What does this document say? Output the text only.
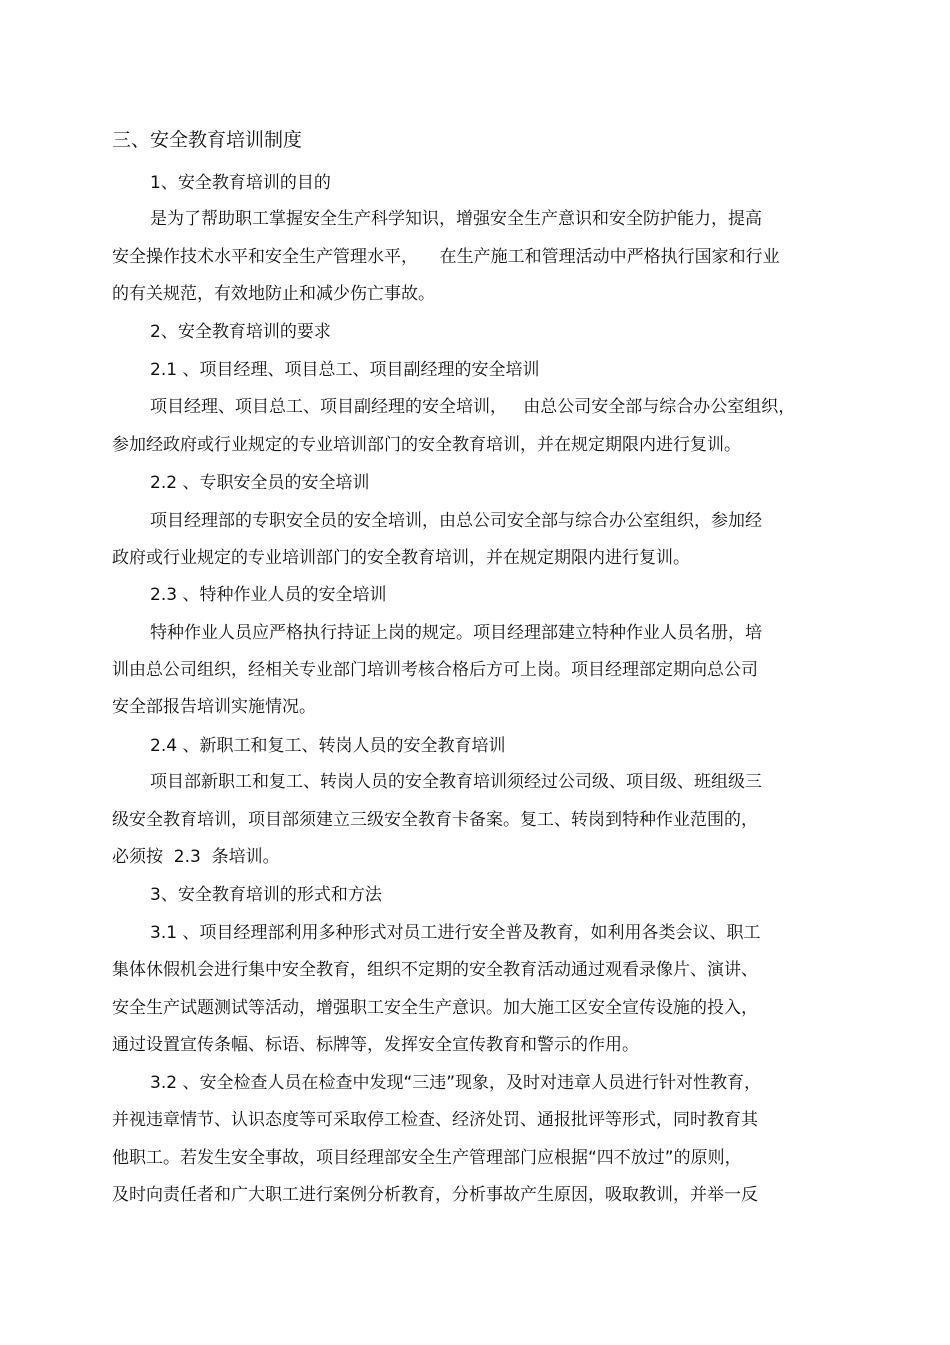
三、安全教育培训制度
1、安全教育培训的目的
是为了帮助职工掌握安全生产科学知识，增强安全生产意识和安全防护能力，提高
安全操作技术水平和安全生产管理水平，    在生产施工和管理活动中严格执行国家和行业
的有关规范，有效地防止和减少伤亡事故。
2、安全教育培训的要求
2.1 、项目经理、项目总工、项目副经理的安全培训
项目经理、项目总工、项目副经理的安全培训，   由总公司安全部与综合办公室组织，
参加经政府或行业规定的专业培训部门的安全教育培训，并在规定期限内进行复训。
2.2 、专职安全员的安全培训
项目经理部的专职安全员的安全培训，由总公司安全部与综合办公室组织，参加经
政府或行业规定的专业培训部门的安全教育培训，并在规定期限内进行复训。
2.3 、特种作业人员的安全培训
特种作业人员应严格执行持证上岗的规定。项目经理部建立特种作业人员名册，培
训由总公司组织，经相关专业部门培训考核合格后方可上岗。项目经理部定期向总公司
安全部报告培训实施情况。
2.4 、新职工和复工、转岗人员的安全教育培训
项目部新职工和复工、转岗人员的安全教育培训须经过公司级、项目级、班组级三
级安全教育培训，项目部须建立三级安全教育卡备案。复工、转岗到特种作业范围的，
必须按  2.3  条培训。
3、安全教育培训的形式和方法
3.1 、项目经理部利用多种形式对员工进行安全普及教育，如利用各类会议、职工
集体休假机会进行集中安全教育，组织不定期的安全教育活动通过观看录像片、演讲、
安全生产试题测试等活动，增强职工安全生产意识。加大施工区安全宣传设施的投入，
通过设置宣传条幅、标语、标牌等，发挥安全宣传教育和警示的作用。
3.2 、安全检查人员在检查中发现“三违”现象，及时对违章人员进行针对性教育，
并视违章情节、认识态度等可采取停工检查、经济处罚、通报批评等形式，同时教育其
他职工。若发生安全事故，项目经理部安全生产管理部门应根据“四不放过”的原则，
及时向责任者和广大职工进行案例分析教育，分析事故产生原因，吸取教训，并举一反
